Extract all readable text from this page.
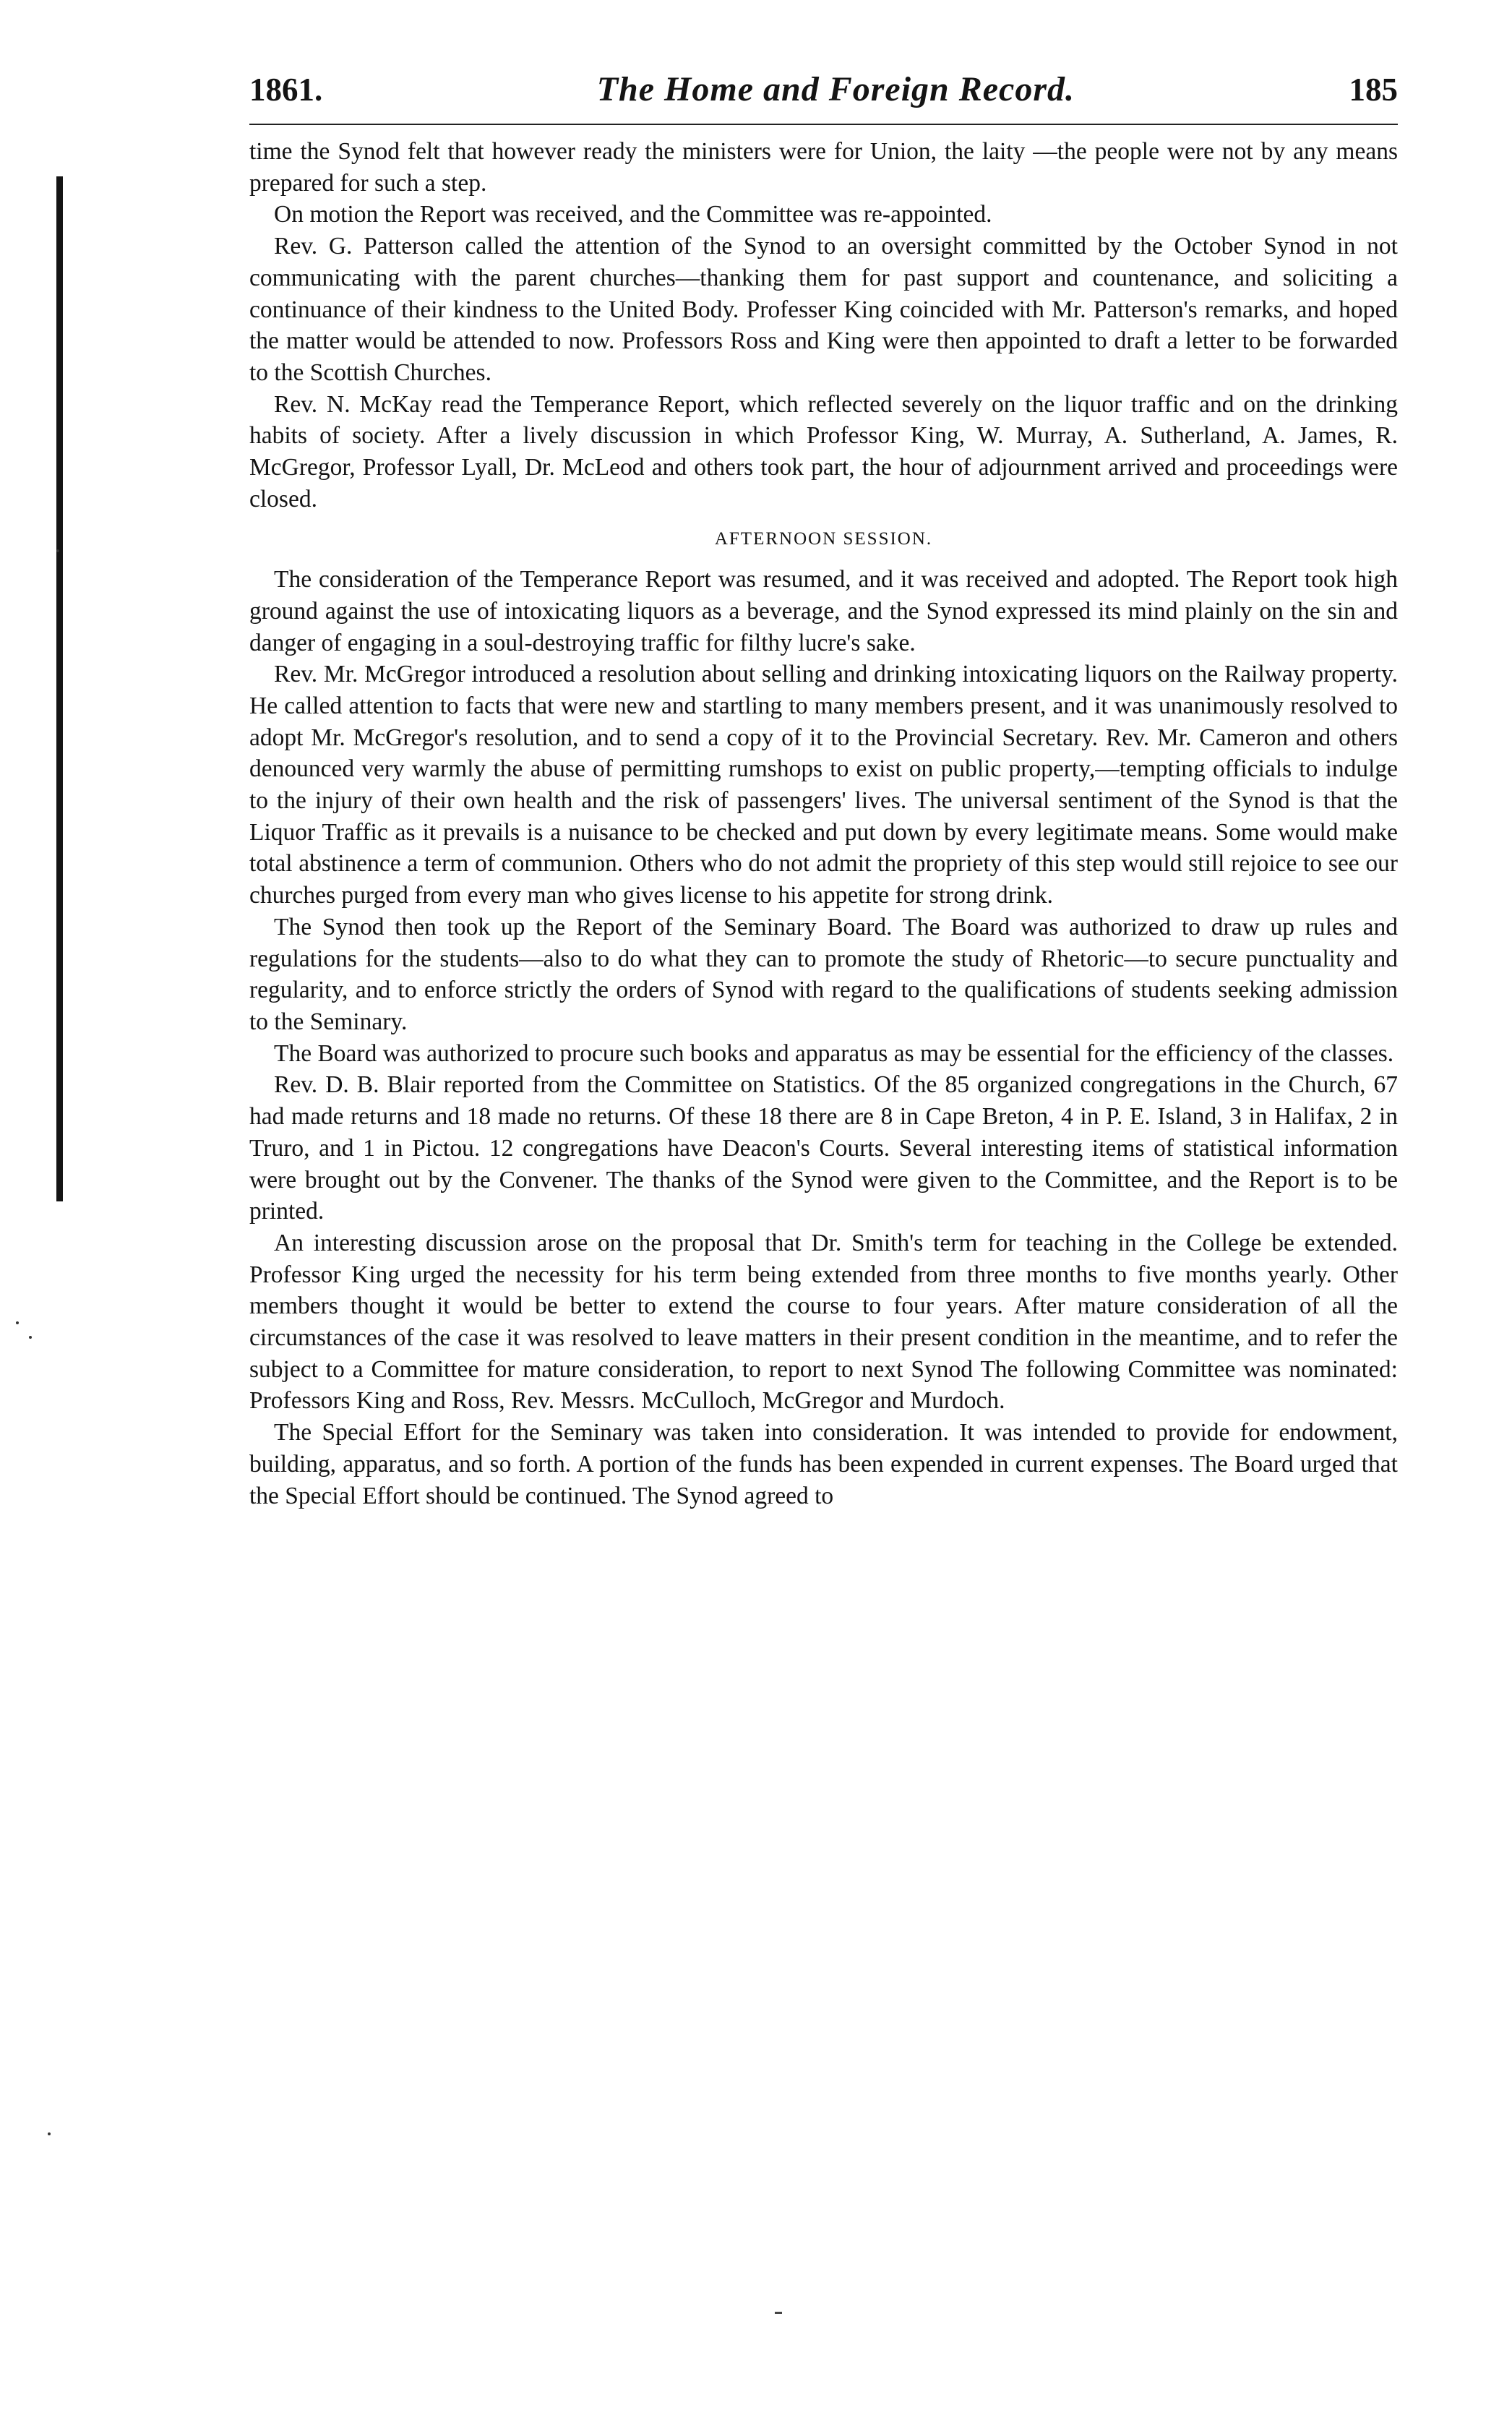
1861.	The Home and Foreign Record.	185

time the Synod felt that however ready the ministers were for Union, the laity —the people were not by any means prepared for such a step.

On motion the Report was received, and the Committee was re-appointed.

Rev. G. Patterson called the attention of the Synod to an oversight committed by the October Synod in not communicating with the parent churches—thanking them for past support and countenance, and soliciting a continuance of their kindness to the United Body. Professer King coincided with Mr. Patterson's remarks, and hoped the matter would be attended to now. Professors Ross and King were then appointed to draft a letter to be forwarded to the Scottish Churches.

Rev. N. McKay read the Temperance Report, which reflected severely on the liquor traffic and on the drinking habits of society. After a lively discussion in which Professor King, W. Murray, A. Sutherland, A. James, R. McGregor, Professor Lyall, Dr. McLeod and others took part, the hour of adjournment arrived and proceedings were closed.

AFTERNOON SESSION.

The consideration of the Temperance Report was resumed, and it was received and adopted. The Report took high ground against the use of intoxicating liquors as a beverage, and the Synod expressed its mind plainly on the sin and danger of engaging in a soul-destroying traffic for filthy lucre's sake.

Rev. Mr. McGregor introduced a resolution about selling and drinking intoxicating liquors on the Railway property. He called attention to facts that were new and startling to many members present, and it was unanimously resolved to adopt Mr. McGregor's resolution, and to send a copy of it to the Provincial Secretary. Rev. Mr. Cameron and others denounced very warmly the abuse of permitting rumshops to exist on public property,—tempting officials to indulge to the injury of their own health and the risk of passengers' lives. The universal sentiment of the Synod is that the Liquor Traffic as it prevails is a nuisance to be checked and put down by every legitimate means. Some would make total abstinence a term of communion. Others who do not admit the propriety of this step would still rejoice to see our churches purged from every man who gives license to his appetite for strong drink.

The Synod then took up the Report of the Seminary Board. The Board was authorized to draw up rules and regulations for the students—also to do what they can to promote the study of Rhetoric—to secure punctuality and regularity, and to enforce strictly the orders of Synod with regard to the qualifications of students seeking admission to the Seminary.

The Board was authorized to procure such books and apparatus as may be essential for the efficiency of the classes.

Rev. D. B. Blair reported from the Committee on Statistics. Of the 85 organized congregations in the Church, 67 had made returns and 18 made no returns. Of these 18 there are 8 in Cape Breton, 4 in P. E. Island, 3 in Halifax, 2 in Truro, and 1 in Pictou. 12 congregations have Deacon's Courts. Several interesting items of statistical information were brought out by the Convener. The thanks of the Synod were given to the Committee, and the Report is to be printed.

An interesting discussion arose on the proposal that Dr. Smith's term for teaching in the College be extended. Professor King urged the necessity for his term being extended from three months to five months yearly. Other members thought it would be better to extend the course to four years. After mature consideration of all the circumstances of the case it was resolved to leave matters in their present condition in the meantime, and to refer the subject to a Committee for mature consideration, to report to next Synod The following Committee was nominated: Professors King and Ross, Rev. Messrs. McCulloch, McGregor and Murdoch.

The Special Effort for the Seminary was taken into consideration. It was intended to provide for endowment, building, apparatus, and so forth. A portion of the funds has been expended in current expenses. The Board urged that the Special Effort should be continued. The Synod agreed to
